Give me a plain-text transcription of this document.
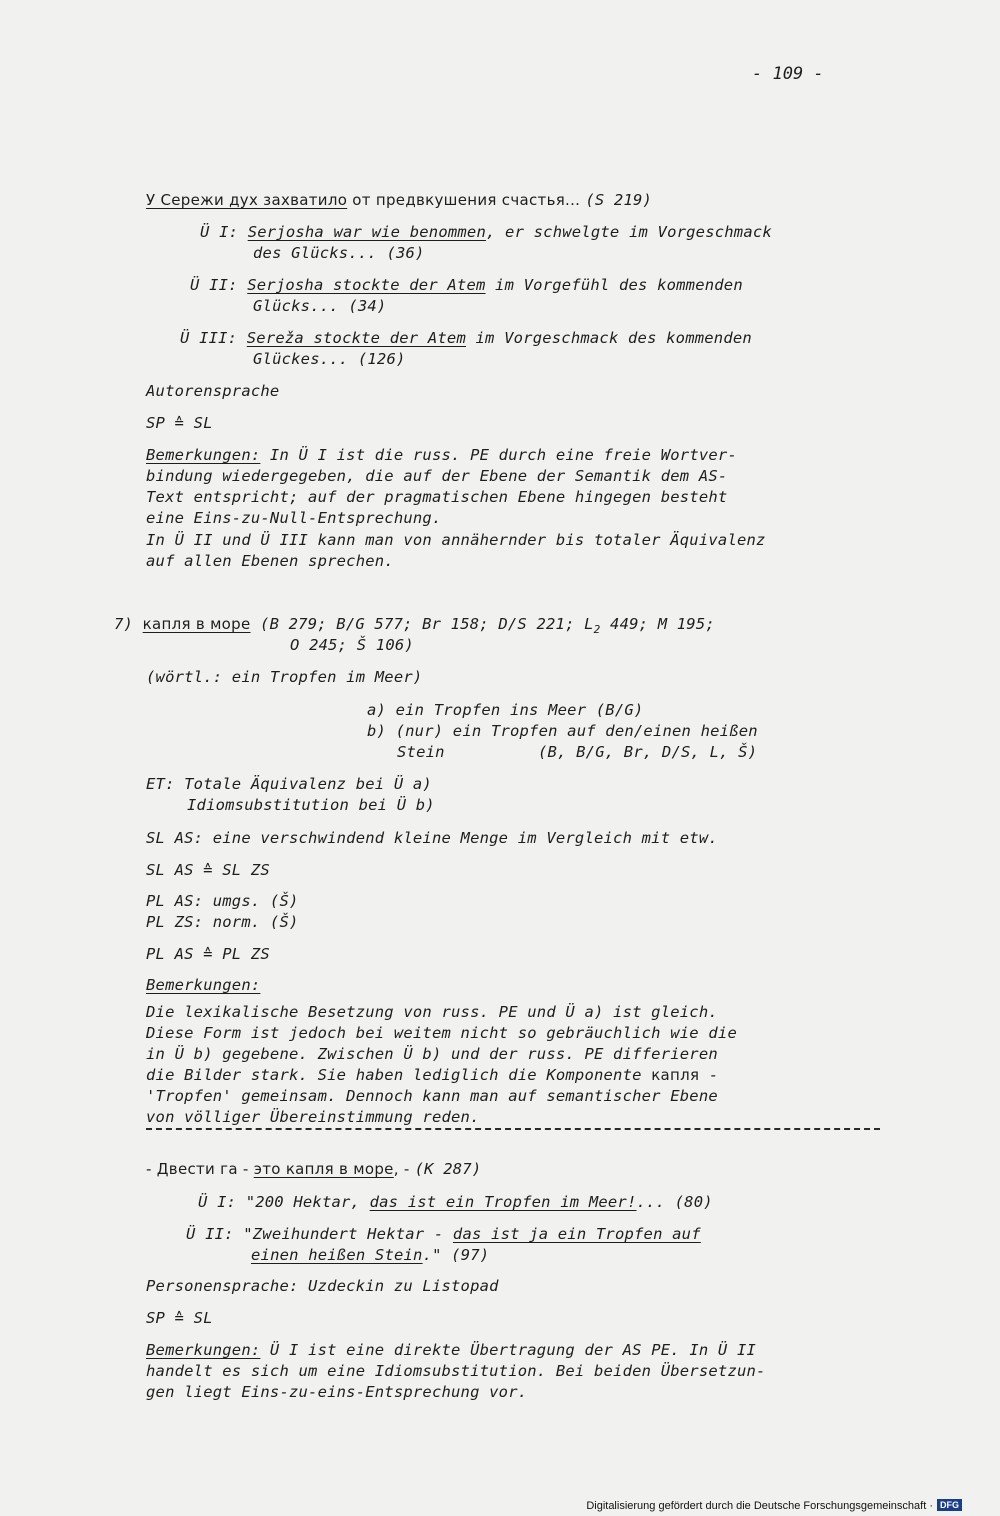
- 109 -
У Сережи дух захватило от предвкушения счастья... (S 219)
Ü I: Serjosha war wie benommen, er schwelgte im Vorgeschmack
des Glücks... (36)
Ü II: Serjosha stockte der Atem im Vorgefühl des kommenden
Glücks... (34)
Ü III: Sereža stockte der Atem im Vorgeschmack des kommenden
Glückes... (126)
Autorensprache
SP ≙ SL
Bemerkungen: In Ü I ist die russ. PE durch eine freie Wortver-
bindung wiedergegeben, die auf der Ebene der Semantik dem AS-
Text entspricht; auf der pragmatischen Ebene hingegen besteht
eine Eins-zu-Null-Entsprechung.
In Ü II und Ü III kann man von annähernder bis totaler Äquivalenz
auf allen Ebenen sprechen.
7) капля в море (B 279; B/G 577; Br 158; D/S 221; $L_2$ 449; M 195;
O 245; Š 106)
(wörtl.: ein Tropfen im Meer)
a) ein Tropfen ins Meer (B/G)
b) (nur) ein Tropfen auf den/einen heißen
Stein	(B, B/G, Br, D/S, L, Š)
ET: Totale Äquivalenz bei Ü a)
Idiomsubstitution bei Ü b)
SL AS: eine verschwindend kleine Menge im Vergleich mit etw.
SL AS ≙ SL ZS
PL AS: umgs. (Š)
PL ZS: norm. (Š)
PL AS ≙ PL ZS
Bemerkungen:
Die lexikalische Besetzung von russ. PE und Ü a) ist gleich.
Diese Form ist jedoch bei weitem nicht so gebräuchlich wie die
in Ü b) gegebene. Zwischen Ü b) und der russ. PE differieren
die Bilder stark. Sie haben lediglich die Komponente капля -
'Tropfen' gemeinsam. Dennoch kann man auf semantischer Ebene
von völliger Übereinstimmung reden.
- Двести га - это капля в море, - (K 287)
Ü I: "200 Hektar, das ist ein Tropfen im Meer!... (80)
Ü II: "Zweihundert Hektar - das ist ja ein Tropfen auf
einen heißen Stein." (97)
Personensprache: Uzdeckin zu Listopad
SP ≙ SL
Bemerkungen: Ü I ist eine direkte Übertragung der AS PE. In Ü II
handelt es sich um eine Idiomsubstitution. Bei beiden Übersetzun-
gen liegt Eins-zu-eins-Entsprechung vor.
Digitalisierung gefördert durch die Deutsche Forschungsgemeinschaft · DFG
